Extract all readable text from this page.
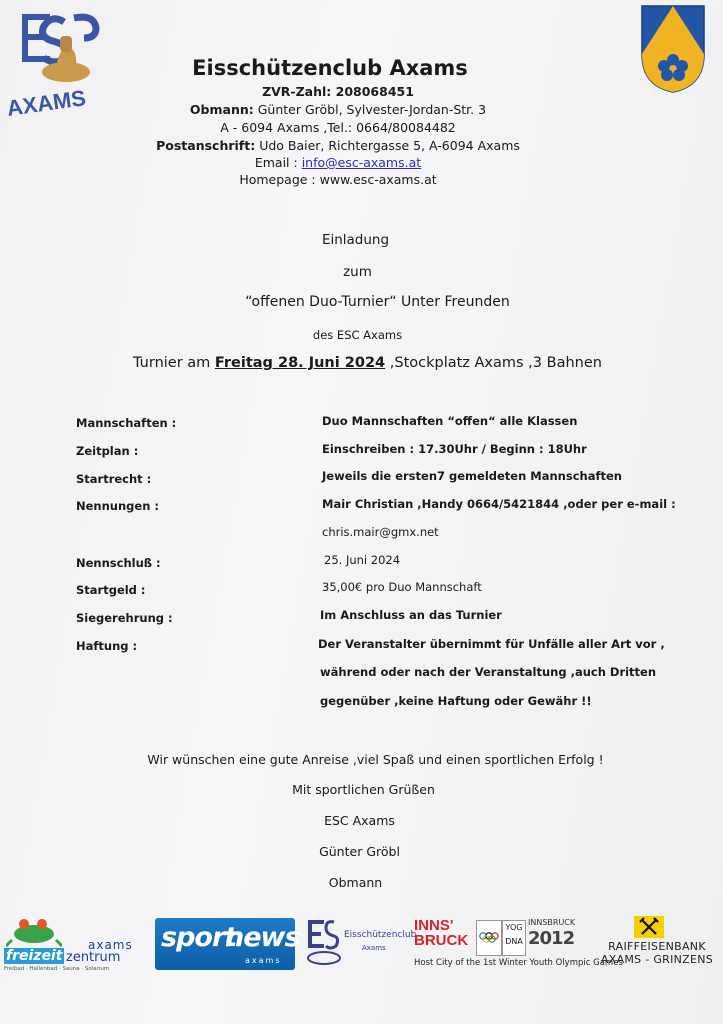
AXAMS
Eisschützenclub Axams
ZVR-Zahl: 208068451
Obmann: Günter Gröbl, Sylvester-Jordan-Str. 3
A - 6094 Axams ,Tel.: 0664/80084482
Postanschrift: Udo Baier, Richtergasse 5, A-6094 Axams
Email : info@esc-axams.at
Homepage : www.esc-axams.at
Einladung
zum
“offenen Duo-Turnier“ Unter Freunden
des ESC Axams
Turnier am Freitag 28. Juni 2024 ,Stockplatz Axams ,3 Bahnen
Mannschaften :	Duo Mannschaften “offen“ alle Klassen
Zeitplan :	Einschreiben : 17.30Uhr / Beginn : 18Uhr
Startrecht :	Jeweils die ersten7 gemeldeten Mannschaften
Nennungen :	Mair Christian ,Handy 0664/5421844 ,oder per e-mail :
chris.mair@gmx.net
Nennschluß :	25. Juni 2024
Startgeld :	35,00€ pro Duo Mannschaft
Siegerehrung :	Im Anschluss an das Turnier
Haftung :	Der Veranstalter übernimmt für Unfälle aller Art vor ,
während oder nach der Veranstaltung ,auch Dritten
gegenüber ,keine Haftung oder Gewähr !!
Wir wünschen eine gute Anreise ,viel Spaß und einen sportlichen Erfolg !
Mit sportlichen Grüßen
ESC Axams
Günter Gröbl
Obmann
freizeit zentrum
axams
Freibad · Hallenbad · Sauna · Solarium
sport
news
axams
Eisschützenclub
Axams
INNS'
BRUCK
YOG
DNA
INNSBRUCK
2012
Host City of the 1st Winter Youth Olympic Games
RAIFFEISENBANK
AXAMS - GRINZENS
